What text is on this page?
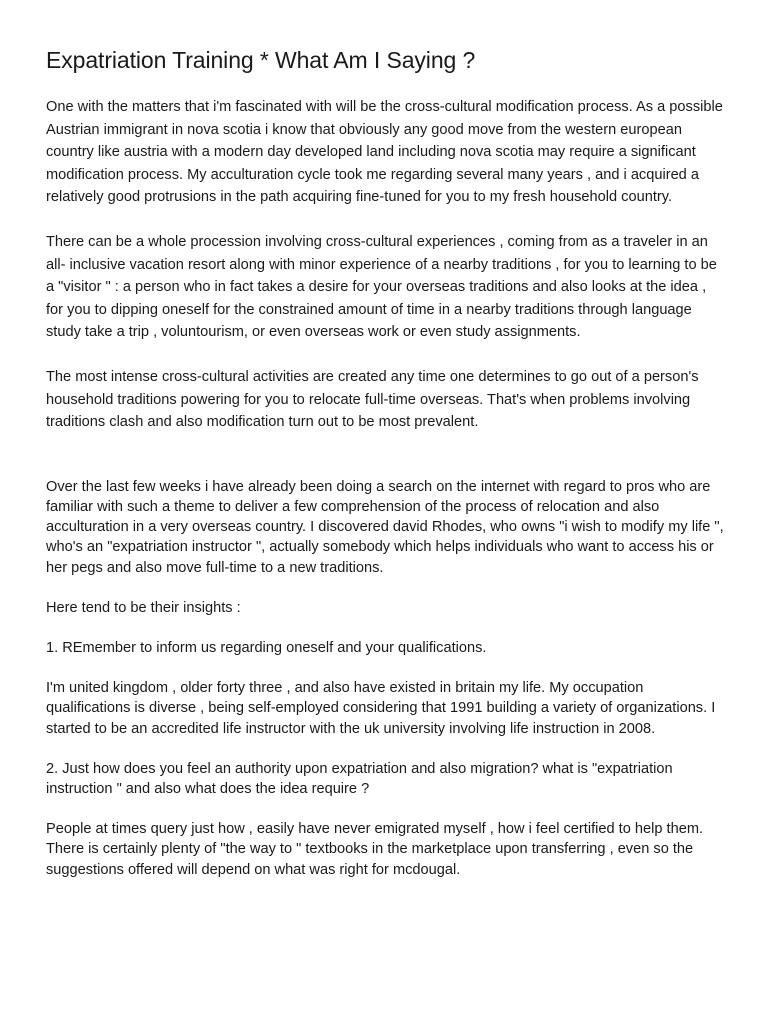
Expatriation Training * What Am I Saying ?

One with the matters that i'm fascinated with will be the cross-cultural modification process. As a possible Austrian immigrant in nova scotia i know that obviously any good move from the western european country like austria with a modern day developed land including nova scotia may require a significant modification process. My acculturation cycle took me regarding several many years , and i acquired a relatively good protrusions in the path acquiring fine-tuned for you to my fresh household country.

There can be a whole procession involving cross-cultural experiences , coming from as a traveler in an all- inclusive vacation resort along with minor experience of a nearby traditions , for you to learning to be a "visitor " : a person who in fact takes a desire for your overseas traditions and also looks at the idea , for you to dipping oneself for the constrained amount of time in a nearby traditions through language study take a trip , voluntourism, or even overseas work or even study assignments.

The most intense cross-cultural activities are created any time one determines to go out of a person's household traditions powering for you to relocate full-time overseas. That's when problems involving traditions clash and also modification turn out to be most prevalent.

Over the last few weeks i have already been doing a search on the internet with regard to pros who are familiar with such a theme to deliver a few comprehension of the process of relocation and also acculturation in a very overseas country. I discovered david Rhodes, who owns "i wish to modify my life ", who's an "expatriation instructor ", actually somebody which helps individuals who want to access his or her pegs and also move full-time to a new traditions.

Here tend to be their insights :

1. REmember to inform us regarding oneself and your qualifications.

I'm united kingdom , older forty three , and also have existed in britain my life. My occupation qualifications is diverse , being self-employed considering that 1991 building a variety of organizations. I started to be an accredited life instructor with the uk university involving life instruction in 2008.

2. Just how does you feel an authority upon expatriation and also migration? what is "expatriation instruction " and also what does the idea require ?

People at times query just how , easily have never emigrated myself , how i feel certified to help them. There is certainly plenty of "the way to " textbooks in the marketplace upon transferring , even so the suggestions offered will depend on what was right for mcdougal.
